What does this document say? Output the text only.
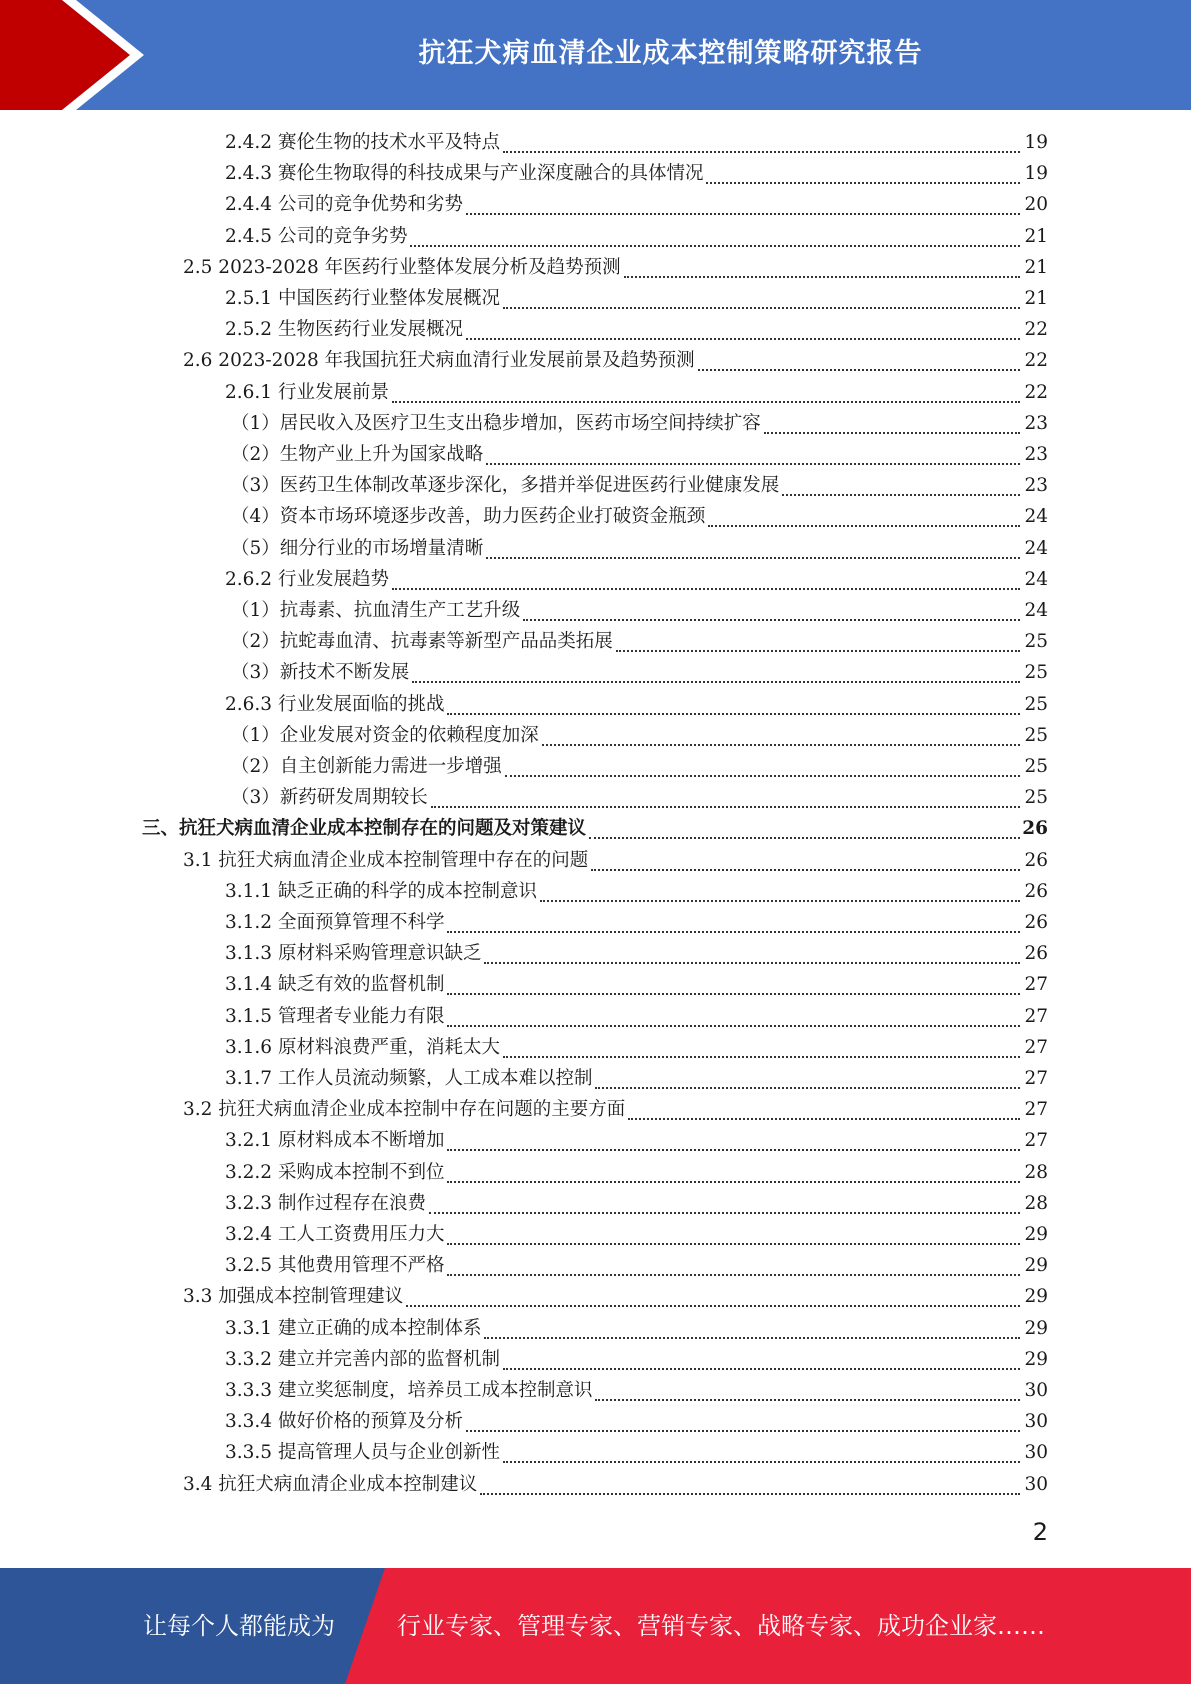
抗狂犬病血清企业成本控制策略研究报告
2.4.2 赛伦生物的技术水平及特点	19
2.4.3 赛伦生物取得的科技成果与产业深度融合的具体情况	19
2.4.4 公司的竞争优势和劣势	20
2.4.5 公司的竞争劣势	21
2.5 2023-2028 年医药行业整体发展分析及趋势预测	21
2.5.1 中国医药行业整体发展概况	21
2.5.2 生物医药行业发展概况	22
2.6 2023-2028 年我国抗狂犬病血清行业发展前景及趋势预测	22
2.6.1 行业发展前景	22
（1）居民收入及医疗卫生支出稳步增加，医药市场空间持续扩容	23
（2）生物产业上升为国家战略	23
（3）医药卫生体制改革逐步深化，多措并举促进医药行业健康发展	23
（4）资本市场环境逐步改善，助力医药企业打破资金瓶颈	24
（5）细分行业的市场增量清晰	24
2.6.2 行业发展趋势	24
（1）抗毒素、抗血清生产工艺升级	24
（2）抗蛇毒血清、抗毒素等新型产品品类拓展	25
（3）新技术不断发展	25
2.6.3 行业发展面临的挑战	25
（1）企业发展对资金的依赖程度加深	25
（2）自主创新能力需进一步增强	25
（3）新药研发周期较长	25
三、抗狂犬病血清企业成本控制存在的问题及对策建议	26
3.1 抗狂犬病血清企业成本控制管理中存在的问题	26
3.1.1 缺乏正确的科学的成本控制意识	26
3.1.2 全面预算管理不科学	26
3.1.3 原材料采购管理意识缺乏	26
3.1.4 缺乏有效的监督机制	27
3.1.5 管理者专业能力有限	27
3.1.6 原材料浪费严重，消耗太大	27
3.1.7 工作人员流动频繁，人工成本难以控制	27
3.2 抗狂犬病血清企业成本控制中存在问题的主要方面	27
3.2.1 原材料成本不断增加	27
3.2.2 采购成本控制不到位	28
3.2.3 制作过程存在浪费	28
3.2.4 工人工资费用压力大	29
3.2.5 其他费用管理不严格	29
3.3 加强成本控制管理建议	29
3.3.1 建立正确的成本控制体系	29
3.3.2 建立并完善内部的监督机制	29
3.3.3 建立奖惩制度，培养员工成本控制意识	30
3.3.4 做好价格的预算及分析	30
3.3.5 提高管理人员与企业创新性	30
3.4 抗狂犬病血清企业成本控制建议	30
2
让每个人都能成为	行业专家、管理专家、营销专家、战略专家、成功企业家……
